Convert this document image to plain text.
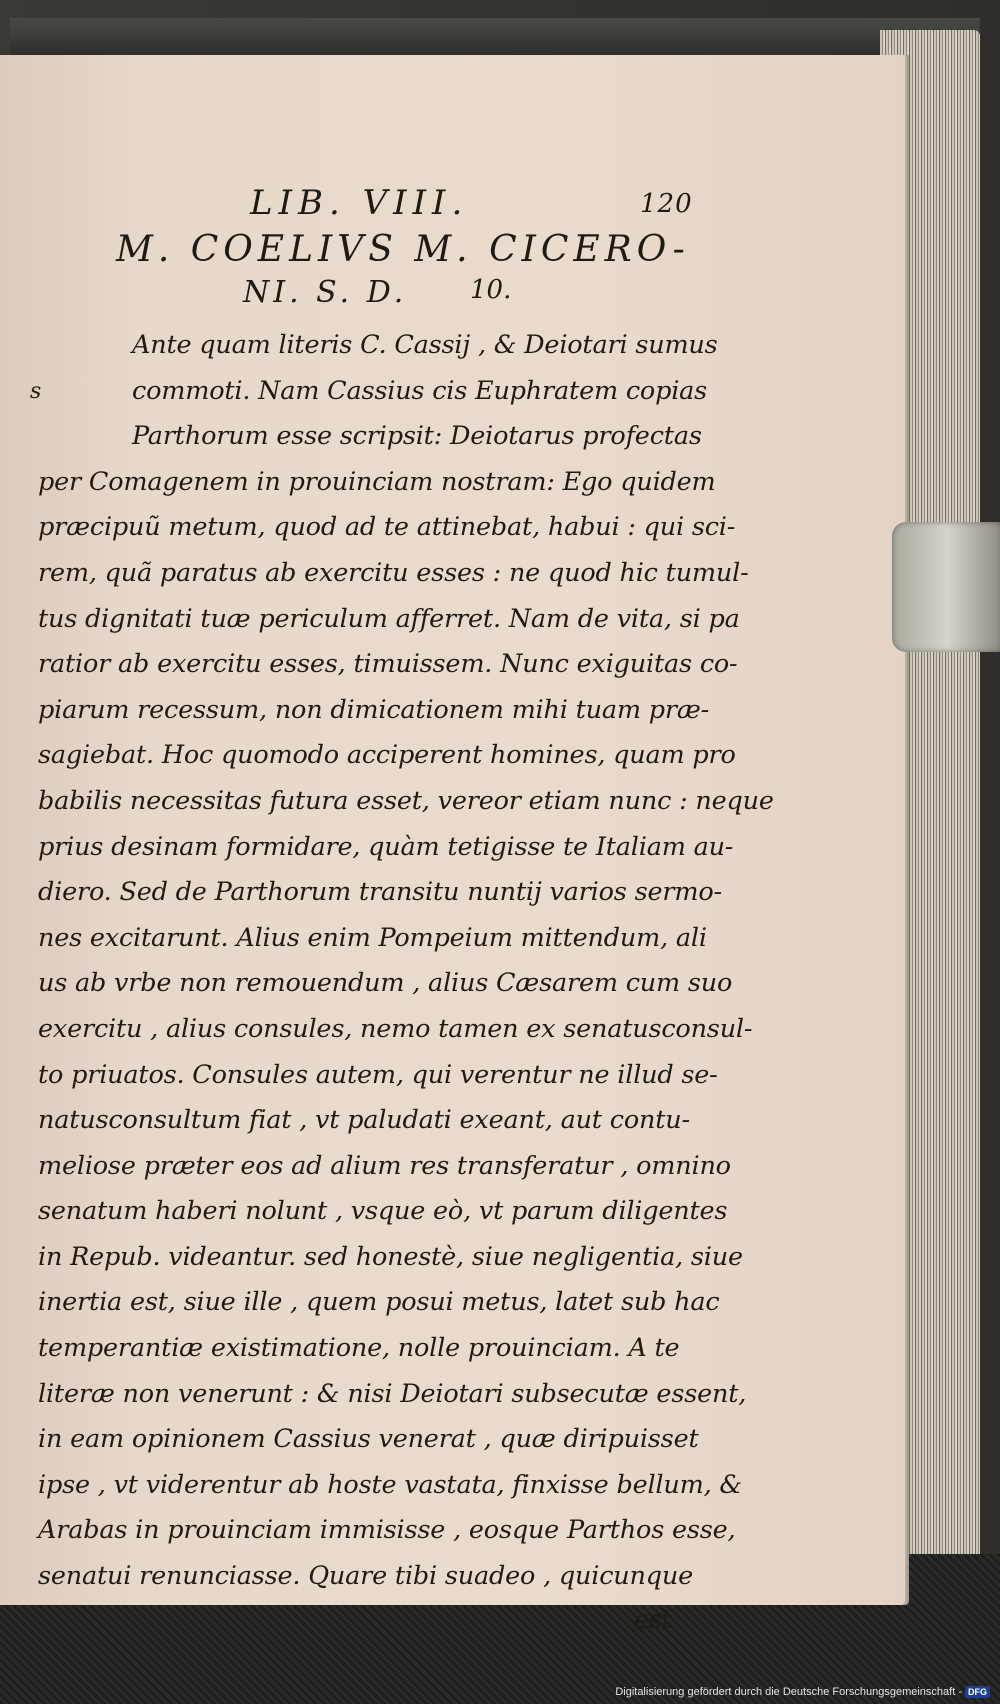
LIB. VIII.	120
M. COELIVS M. CICERO-
NI. S. D. 10.
Ante quam literis C. Cassij , & Deiotari sumus
s	commoti. Nam Cassius cis Euphratem copias
Parthorum esse scripsit: Deiotarus profectas
per Comagenem in prouinciam nostram: Ego quidem
præcipuũ metum, quod ad te attinebat, habui : qui sci-
rem, quã paratus ab exercitu esses : ne quod hic tumul-
tus dignitati tuæ periculum afferret. Nam de vita, si pa
ratior ab exercitu esses, timuissem. Nunc exiguitas co-
piarum recessum, non dimicationem mihi tuam præ-
sagiebat. Hoc quomodo acciperent homines, quam pro
babilis necessitas futura esset, vereor etiam nunc : neque
prius desinam formidare, quàm tetigisse te Italiam au-
diero. Sed de Parthorum transitu nuntij varios sermo-
nes excitarunt. Alius enim Pompeium mittendum, ali
us ab vrbe non remouendum , alius Cæsarem cum suo
exercitu , alius consules, nemo tamen ex senatusconsul-
to priuatos. Consules autem, qui verentur ne illud se-
natusconsultum fiat , vt paludati exeant, aut contu-
meliose præter eos ad alium res transferatur , omnino
senatum haberi nolunt , vsque eò, vt parum diligentes
in Repub. videantur. sed honestè, siue negligentia, siue
inertia est, siue ille , quem posui metus, latet sub hac
temperantiæ existimatione, nolle prouinciam. A te
literæ non venerunt : & nisi Deiotari subsecutæ essent,
in eam opinionem Cassius venerat , quæ diripuisset
ipse , vt viderentur ab hoste vastata, finxisse bellum, &
Arabas in prouinciam immisisse , eosque Parthos esse,
senatui renunciasse. Quare tibi suadeo , quicunque
est
Digitalisierung gefördert durch die Deutsche Forschungsgemeinschaft - DFG
